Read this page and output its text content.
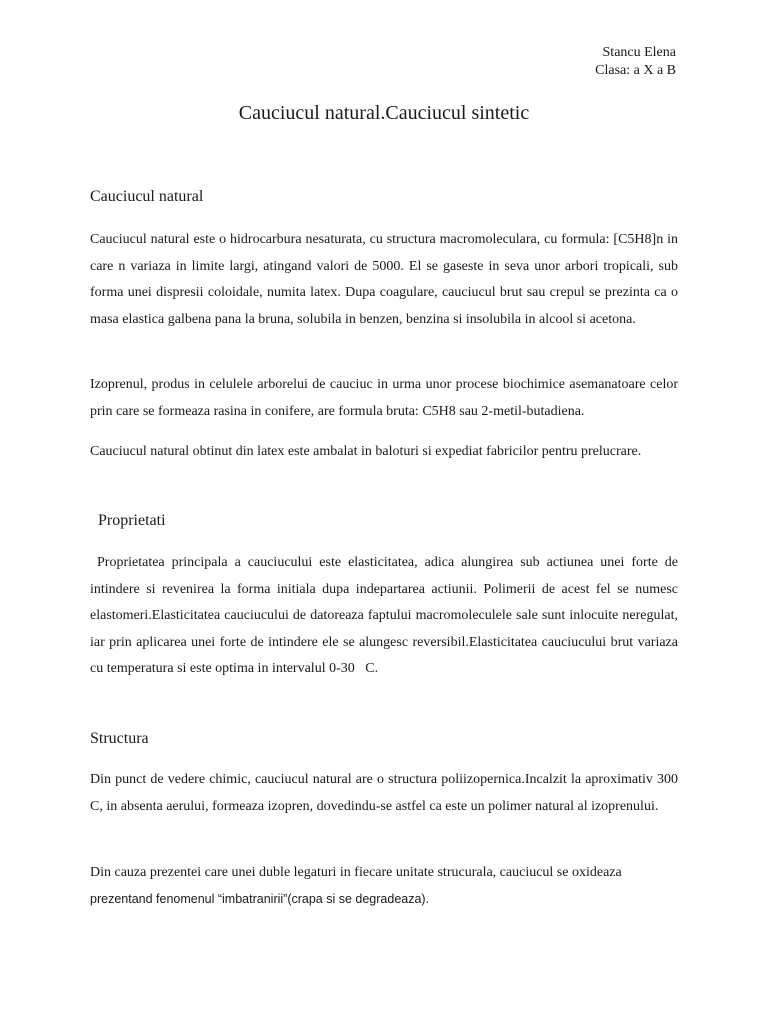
Stancu Elena
Clasa: a X a B
Cauciucul natural.Cauciucul sintetic
Cauciucul natural

Cauciucul natural este o hidrocarbura nesaturata, cu structura macromoleculara, cu formula: [C5H8]n in care n variaza in limite largi, atingand valori de 5000. El se gaseste in seva unor arbori tropicali, sub forma unei dispresii coloidale, numita latex. Dupa coagulare, cauciucul brut sau crepul se prezinta ca o masa elastica galbena pana la bruna, solubila in benzen, benzina si insolubila in alcool si acetona.

Izoprenul, produs in celulele arborelui de cauciuc in urma unor procese biochimice asemanatoare celor prin care se formeaza rasina in conifere, are formula bruta: C5H8 sau 2-metil-butadiena.

Cauciucul natural obtinut din latex este ambalat in baloturi si expediat fabricilor pentru prelucrare.

Proprietati

Proprietatea principala a cauciucului este elasticitatea, adica alungirea sub actiunea unei forte de intindere si revenirea la forma initiala dupa indepartarea actiunii. Polimerii de acest fel se numesc elastomeri.Elasticitatea cauciucului de datoreaza faptului macromoleculele sale sunt inlocuite neregulat, iar prin aplicarea unei forte de intindere ele se alungesc reversibil.Elasticitatea cauciucului brut variaza cu temperatura si este optima in intervalul 0-30   C.

Structura

Din punct de vedere chimic, cauciucul natural are o structura poliizopernica.Incalzit la aproximativ 300 C, in absenta aerului, formeaza izopren, dovedindu-se astfel ca este un polimer natural al izoprenului.

Din cauza prezentei care unei duble legaturi in fiecare unitate strucurala, cauciucul se oxideaza
prezentand fenomenul “imbatranirii”(crapa si se degradeaza).
